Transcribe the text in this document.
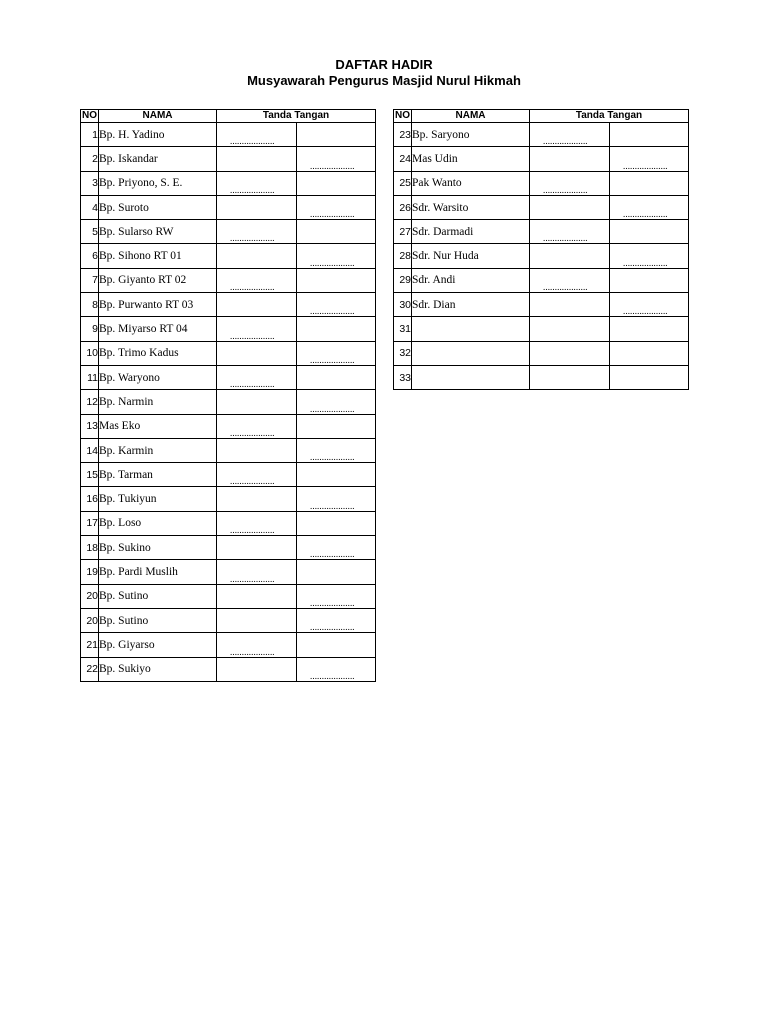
DAFTAR HADIR
Musyawarah Pengurus Masjid Nurul Hikmah
NO	NAMA	Tanda Tangan	
1	Bp. H. Yadino	...................	

2	Bp. Iskandar		...................

3	Bp. Priyono, S. E.	...................	

4	Bp. Suroto		...................

5	Bp. Sularso RW	...................	

6	Bp. Sihono RT 01		...................

7	Bp. Giyanto RT 02	...................	

8	Bp. Purwanto RT 03		...................

9	Bp. Miyarso RT 04	...................	

10	Bp. Trimo Kadus		...................

11	Bp. Waryono	...................	

12	Bp. Narmin		...................

13	Mas Eko	...................	

14	Bp. Karmin		...................

15	Bp. Tarman	...................	

16	Bp. Tukiyun		...................

17	Bp. Loso	...................	

18	Bp. Sukino		...................

19	Bp. Pardi Muslih	...................	

20	Bp. Sutino		...................

20	Bp. Sutino		...................

21	Bp. Giyarso	...................	

22	Bp. Sukiyo		...................
NO	NAMA	Tanda Tangan	
23	Bp. Saryono	...................	

24	Mas Udin		...................

25	Pak Wanto	...................	

26	Sdr. Warsito		...................

27	Sdr. Darmadi	...................	

28	Sdr. Nur Huda		...................

29	Sdr. Andi	...................	

30	Sdr. Dian		...................

31			
32			
33			
